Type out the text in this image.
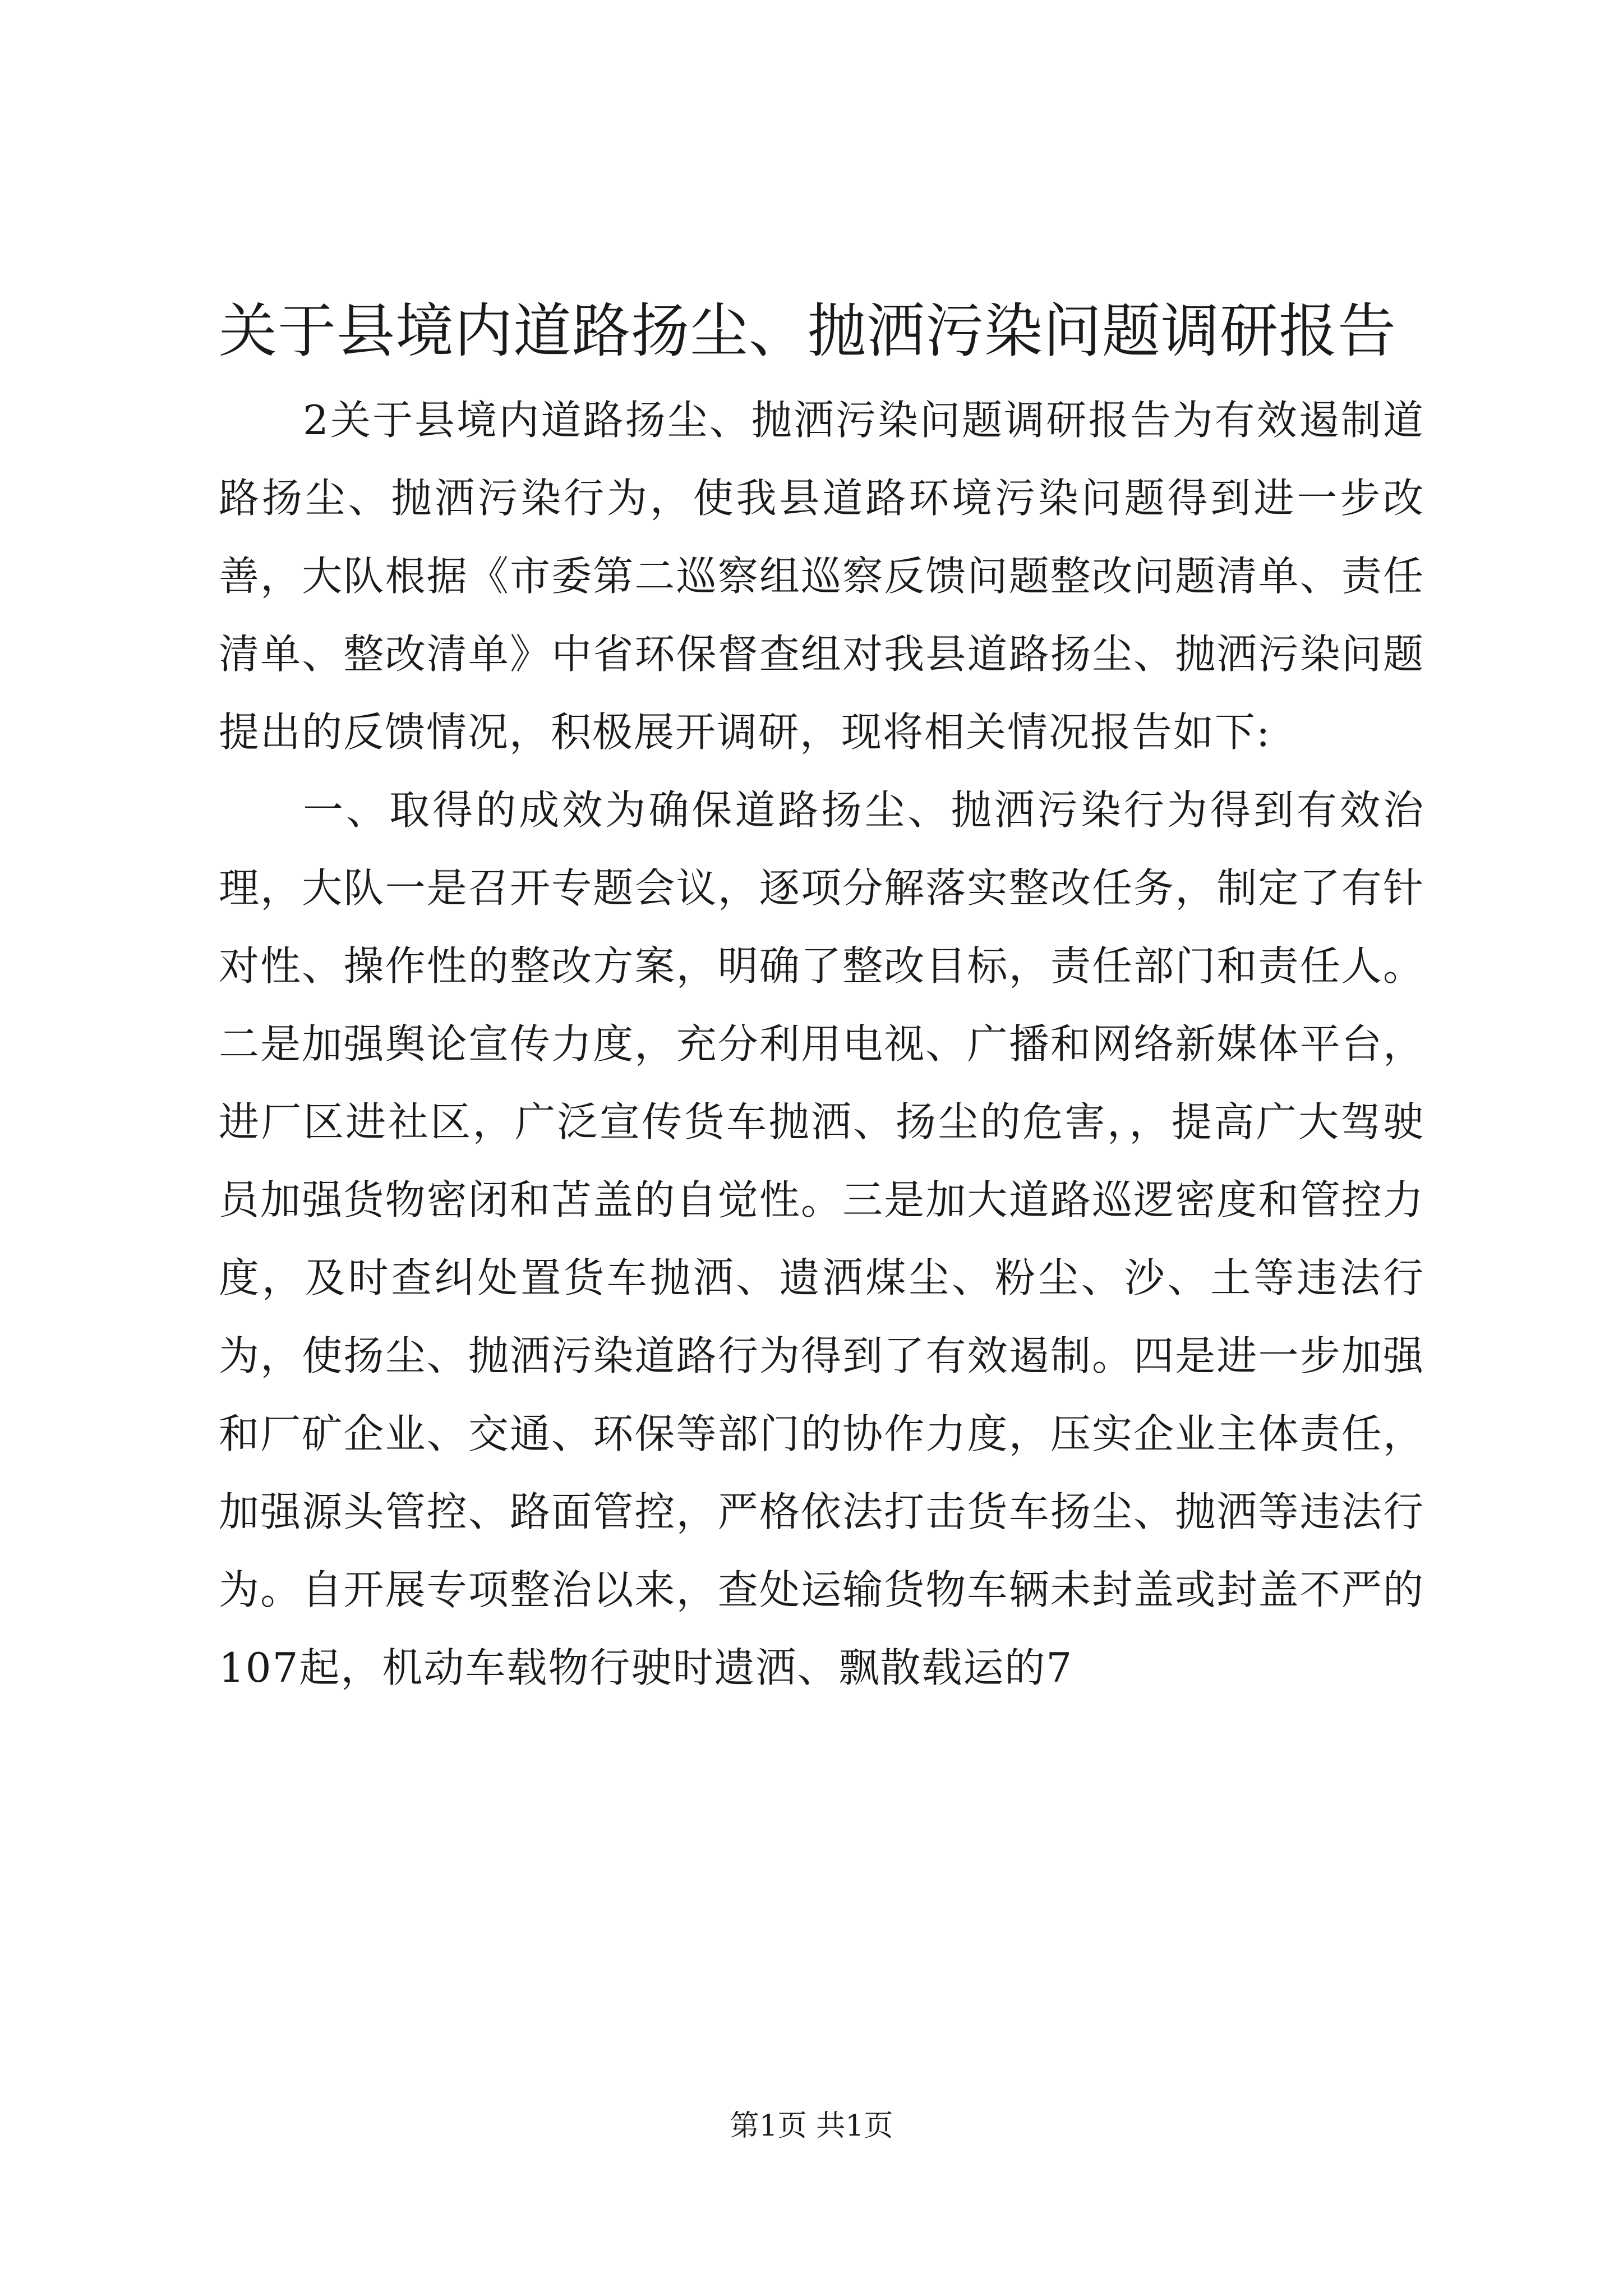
关于县境内道路扬尘、抛洒污染问题调研报告

2关于县境内道路扬尘、抛洒污染问题调研报告为有效遏制道路扬尘、抛洒污染行为，使我县道路环境污染问题得到进一步改善，大队根据《市委第二巡察组巡察反馈问题整改问题清单、责任清单、整改清单》中省环保督查组对我县道路扬尘、抛洒污染问题提出的反馈情况，积极展开调研，现将相关情况报告如下:

一、取得的成效为确保道路扬尘、抛洒污染行为得到有效治理，大队一是召开专题会议，逐项分解落实整改任务，制定了有针对性、操作性的整改方案，明确了整改目标，责任部门和责任人。二是加强舆论宣传力度，充分利用电视、广播和网络新媒体平台，进厂区进社区，广泛宣传货车抛洒、扬尘的危害，，提高广大驾驶员加强货物密闭和苫盖的自觉性。三是加大道路巡逻密度和管控力度，及时查纠处置货车抛洒、遗洒煤尘、粉尘、沙、土等违法行为，使扬尘、抛洒污染道路行为得到了有效遏制。四是进一步加强和厂矿企业、交通、环保等部门的协作力度，压实企业主体责任，加强源头管控、路面管控，严格依法打击货车扬尘、抛洒等违法行为。自开展专项整治以来，查处运输货物车辆未封盖或封盖不严的107起，机动车载物行驶时遗洒、飘散载运的7

第1页 共1页
